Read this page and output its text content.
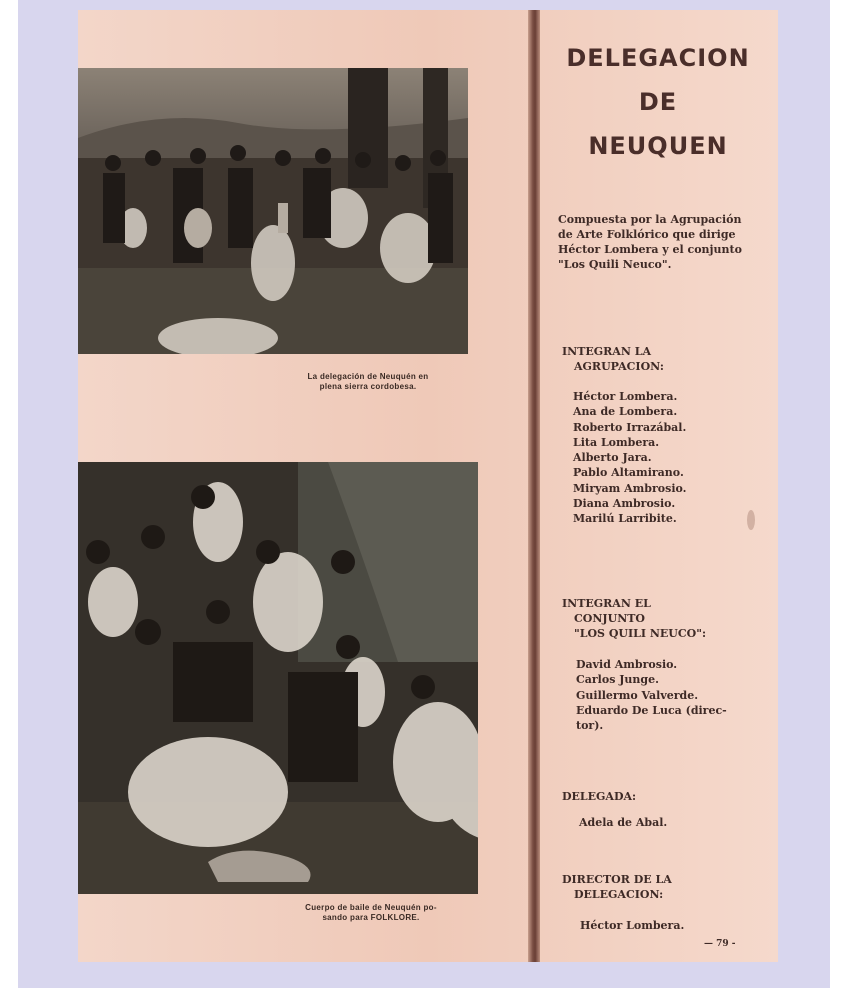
La delegación de Neuquén en
plena sierra cordobesa.
Cuerpo de baile de Neuquén po-
sando para FOLKLORE.
DELEGACION
DE
NEUQUEN
Compuesta por la Agrupación de Arte Folklórico que dirige Héctor Lombera y el conjunto "Los Quili Neuco".
INTEGRAN LA
AGRUPACION:
Héctor Lombera.
Ana de Lombera.
Roberto Irrazábal.
Lita Lombera.
Alberto Jara.
Pablo Altamirano.
Miryam Ambrosio.
Diana Ambrosio.
Marilú Larribite.
INTEGRAN EL
CONJUNTO
"LOS QUILI NEUCO":
David Ambrosio.
Carlos Junge.
Guillermo Valverde.
Eduardo De Luca (direc-
tor).
DELEGADA:
Adela de Abal.
DIRECTOR DE LA
DELEGACION:
Héctor Lombera.
— 79 -
